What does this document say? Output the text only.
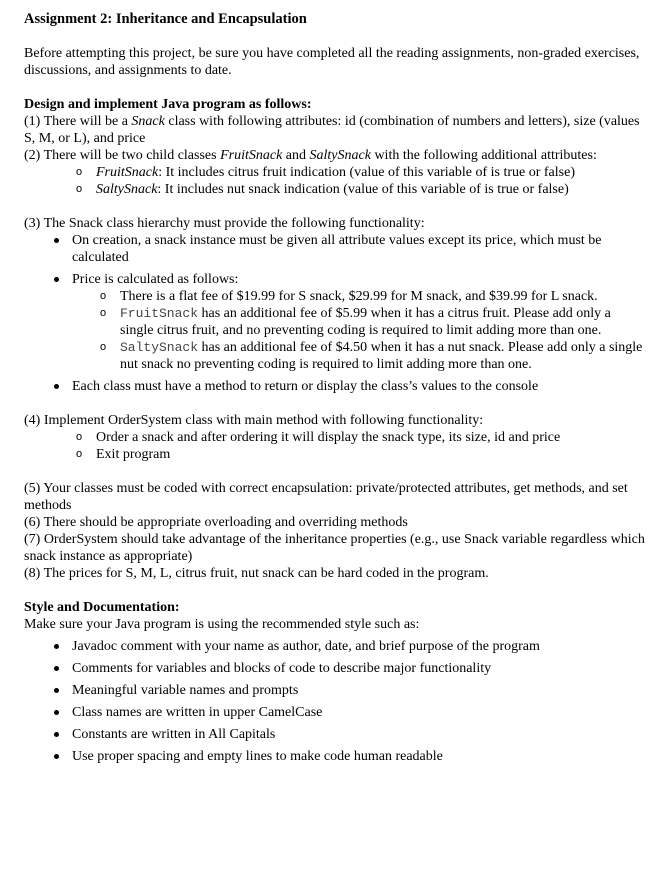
Assignment 2: Inheritance and Encapsulation

Before attempting this project, be sure you have completed all the reading assignments, non-graded exercises, discussions, and assignments to date.

Design and implement Java program as follows:

(1) There will be a Snack class with following attributes: id (combination of numbers and letters), size (values S, M, or L), and price

(2) There will be two child classes FruitSnack and SaltySnack with the following additional attributes:

o FruitSnack: It includes citrus fruit indication (value of this variable of is true or false)
o SaltySnack: It includes nut snack indication (value of this variable of is true or false)

(3) The Snack class hierarchy must provide the following functionality:

On creation, a snack instance must be given all attribute values except its price, which must be calculated
Price is calculated as follows:
o There is a flat fee of $19.99 for S snack, $29.99 for M snack, and $39.99 for L snack.
o FruitSnack has an additional fee of $5.99 when it has a citrus fruit. Please add only a single citrus fruit, and no preventing coding is required to limit adding more than one.
o SaltySnack has an additional fee of $4.50 when it has a nut snack. Please add only a single nut snack no preventing coding is required to limit adding more than one.
Each class must have a method to return or display the class’s values to the console

(4) Implement OrderSystem class with main method with following functionality:

o Order a snack and after ordering it will display the snack type, its size, id and price
o Exit program

(5) Your classes must be coded with correct encapsulation: private/protected attributes, get methods, and set methods

(6) There should be appropriate overloading and overriding methods

(7) OrderSystem should take advantage of the inheritance properties (e.g., use Snack variable regardless which snack instance as appropriate)

(8) The prices for S, M, L, citrus fruit, nut snack can be hard coded in the program.

Style and Documentation:

Make sure your Java program is using the recommended style such as:

Javadoc comment with your name as author, date, and brief purpose of the program
Comments for variables and blocks of code to describe major functionality
Meaningful variable names and prompts
Class names are written in upper CamelCase
Constants are written in All Capitals
Use proper spacing and empty lines to make code human readable
